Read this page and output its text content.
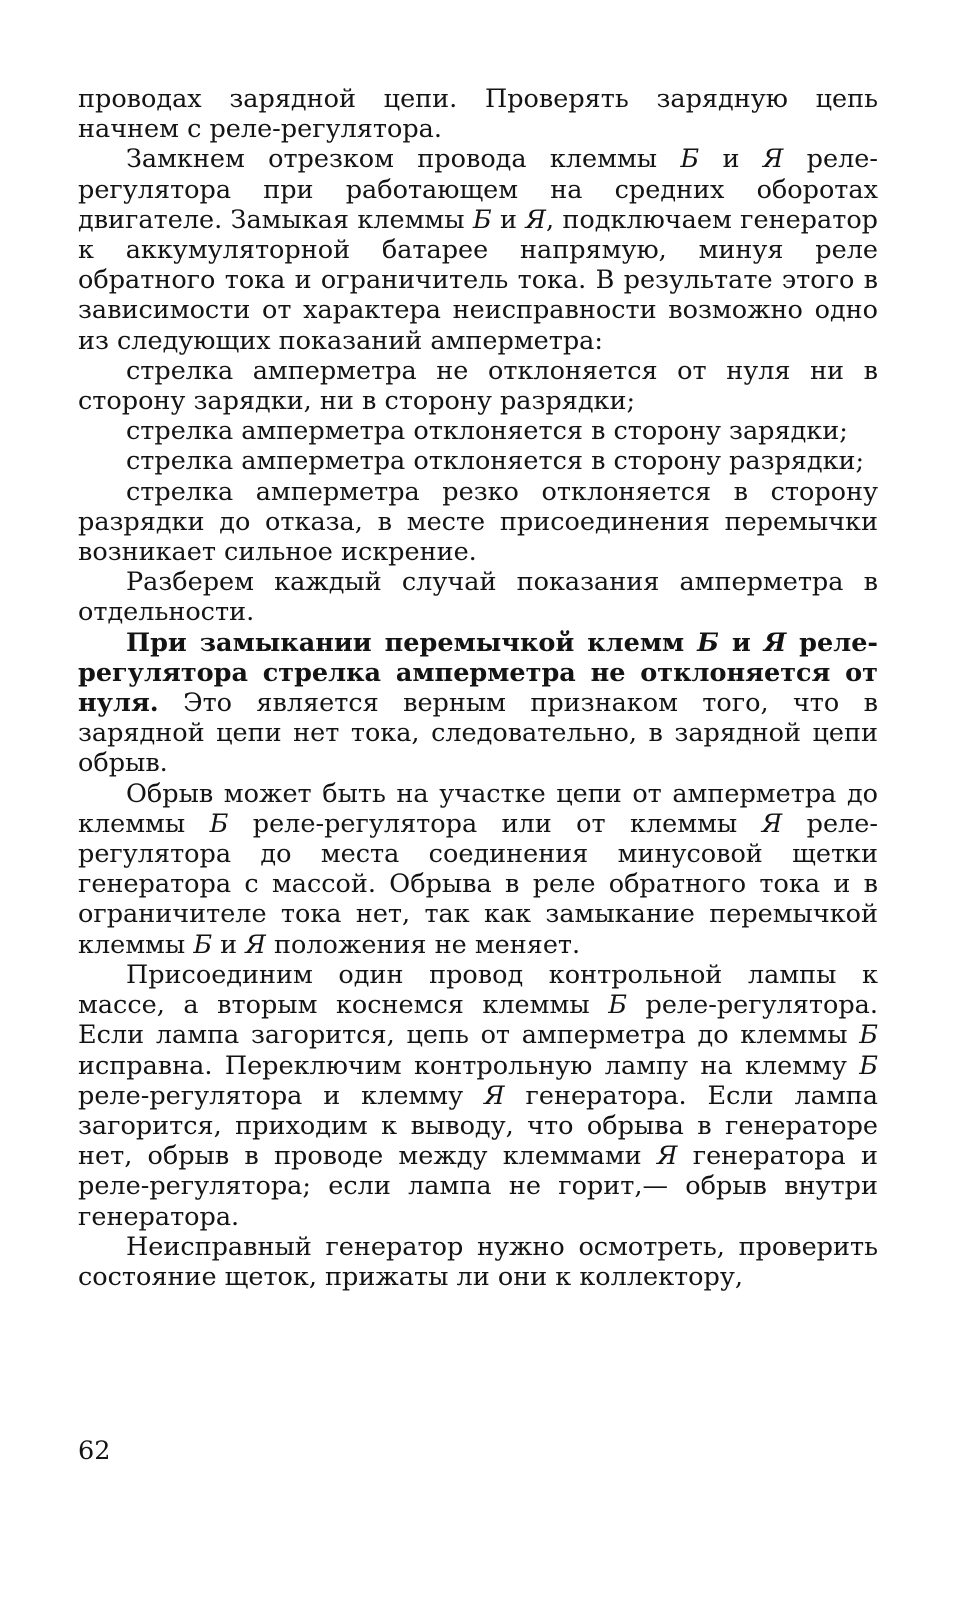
проводах зарядной цепи. Проверять зарядную цепь начнем с реле-регулятора.

Замкнем отрезком провода клеммы Б и Я реле-регулятора при работающем на средних оборотах двигателе. Замыкая клеммы Б и Я, подключаем генератор к аккумуляторной батарее напрямую, минуя реле обратного тока и ограничитель тока. В результате этого в зависимости от характера неисправности возможно одно из следующих показаний амперметра:

стрелка амперметра не отклоняется от нуля ни в сторону зарядки, ни в сторону разрядки;

стрелка амперметра отклоняется в сторону зарядки;

стрелка амперметра отклоняется в сторону разрядки;

стрелка амперметра резко отклоняется в сторону разрядки до отказа, в месте присоединения перемычки возникает сильное искрение.

Разберем каждый случай показания амперметра в отдельности.

При замыкании перемычкой клемм Б и Я реле-регулятора стрелка амперметра не отклоняется от нуля. Это является верным признаком того, что в зарядной цепи нет тока, следовательно, в зарядной цепи обрыв.

Обрыв может быть на участке цепи от амперметра до клеммы Б реле-регулятора или от клеммы Я реле-регулятора до места соединения минусовой щетки генератора с массой. Обрыва в реле обратного тока и в ограничителе тока нет, так как замыкание перемычкой клеммы Б и Я положения не меняет.

Присоединим один провод контрольной лампы к массе, а вторым коснемся клеммы Б реле-регулятора. Если лампа загорится, цепь от амперметра до клеммы Б исправна. Переключим контрольную лампу на клемму Б реле-регулятора и клемму Я генератора. Если лампа загорится, приходим к выводу, что обрыва в генераторе нет, обрыв в проводе между клеммами Я генератора и реле-регулятора; если лампа не горит,— обрыв внутри генератора.

Неисправный генератор нужно осмотреть, проверить состояние щеток, прижаты ли они к коллектору,

62
